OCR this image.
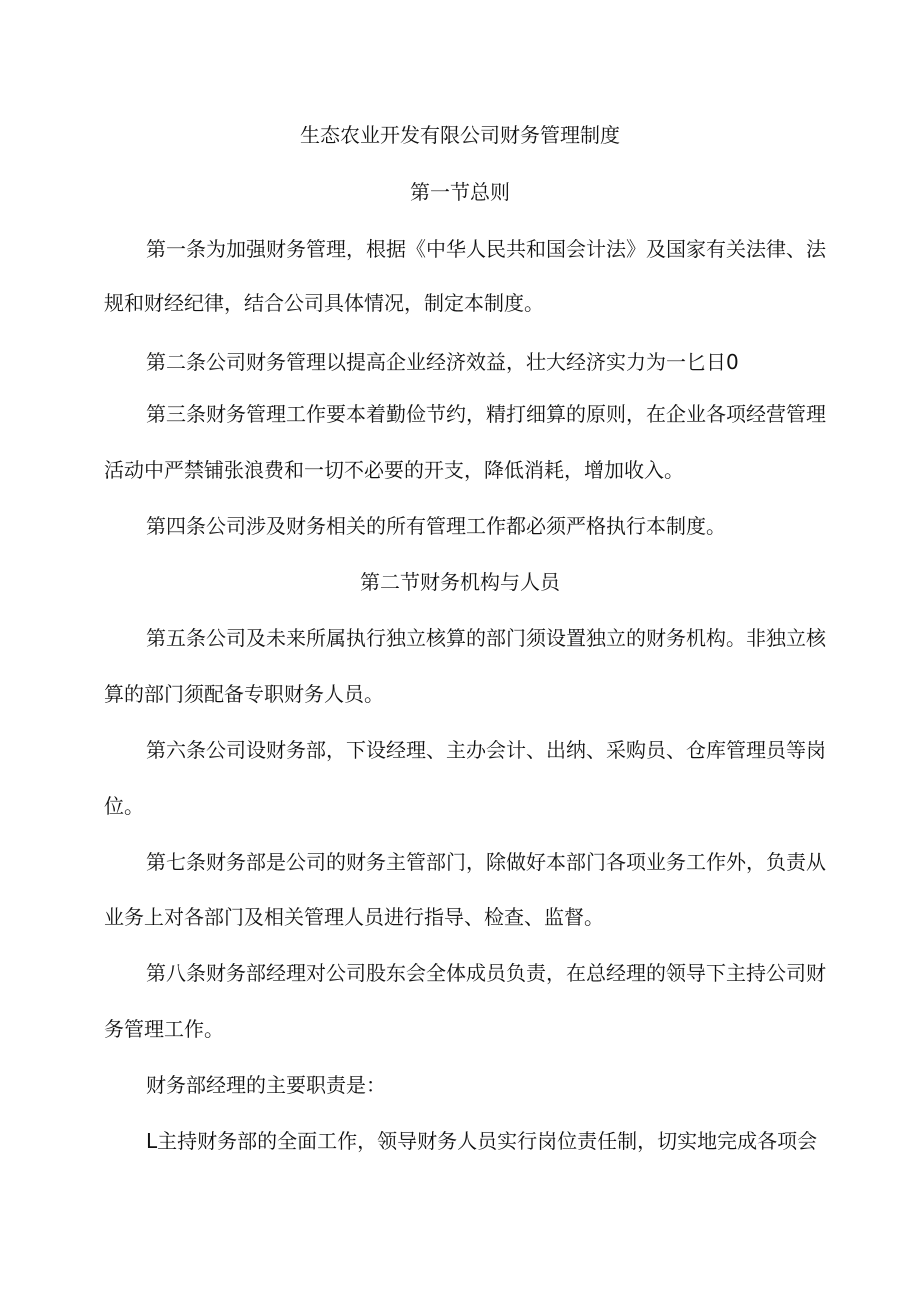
生态农业开发有限公司财务管理制度
第一节总则
第一条为加强财务管理，根据《中华人民共和国会计法》及国家有关法律、法
规和财经纪律，结合公司具体情况，制定本制度。
第二条公司财务管理以提高企业经济效益，壮大经济实力为一匕日0
第三条财务管理工作要本着勤俭节约，精打细算的原则，在企业各项经营管理
活动中严禁铺张浪费和一切不必要的开支，降低消耗，增加收入。
第四条公司涉及财务相关的所有管理工作都必须严格执行本制度。
第二节财务机构与人员
第五条公司及未来所属执行独立核算的部门须设置独立的财务机构。非独立核
算的部门须配备专职财务人员。
第六条公司设财务部，下设经理、主办会计、出纳、采购员、仓库管理员等岗
位。
第七条财务部是公司的财务主管部门，除做好本部门各项业务工作外，负责从
业务上对各部门及相关管理人员进行指导、检查、监督。
第八条财务部经理对公司股东会全体成员负责，在总经理的领导下主持公司财
务管理工作。
财务部经理的主要职责是：
L主持财务部的全面工作，领导财务人员实行岗位责任制，切实地完成各项会
